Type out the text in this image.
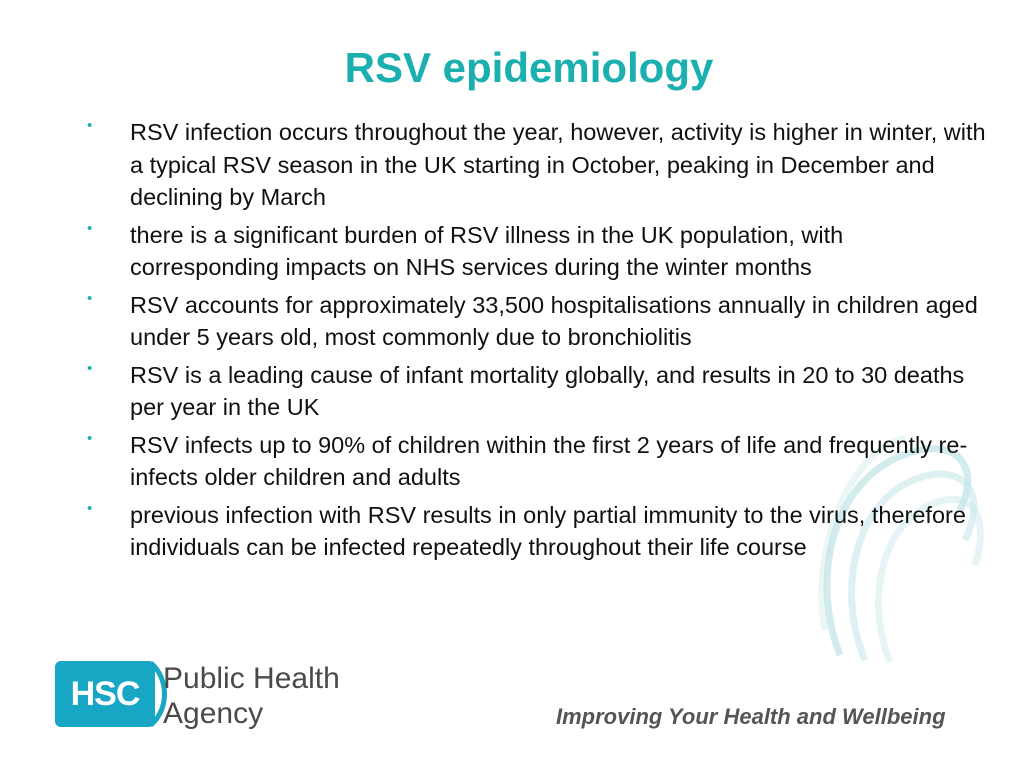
RSV epidemiology
• RSV infection occurs throughout the year, however, activity is higher in winter, with a typical RSV season in the UK starting in October, peaking in December and declining by March
• there is a significant burden of RSV illness in the UK population, with corresponding impacts on NHS services during the winter months
• RSV accounts for approximately 33,500 hospitalisations annually in children aged under 5 years old, most commonly due to bronchiolitis
• RSV is a leading cause of infant mortality globally, and results in 20 to 30 deaths per year in the UK
• RSV infects up to 90% of children within the first 2 years of life and frequently re-infects older children and adults
• previous infection with RSV results in only partial immunity to the virus, therefore individuals can be infected repeatedly throughout their life course
HSC Public Health
Agency	Improving Your Health and Wellbeing
